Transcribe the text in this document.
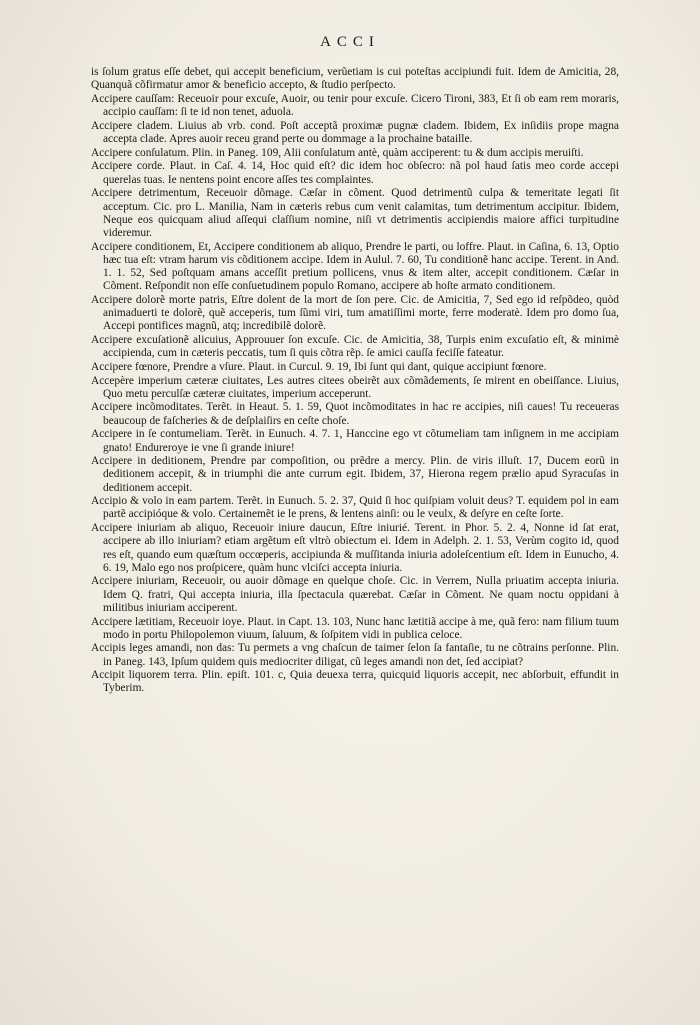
ACCI

is ſolum gratus eſſe debet, qui accepit beneficium, verũetiam is cui poteſtas accipiundi fuit. Idem de Amicitia, 28, Quanquã cõfirmatur amor & beneficio accepto, & ſtudio perſpecto.

Accipere cauſſam: Receuoir pour excuſe, Auoir, ou tenir pour excuſe. Cicero Tironi, 383, Et ſi ob eam rem moraris, accipio cauſſam: ſi te id non tenet, aduola.

Accipere cladem. Liuius ab vrb. cond. Poſt acceptã proximæ pugnæ cladem. Ibidem, Ex inſidiis prope magna accepta clade. Apres auoir receu grand perte ou dommage a la prochaine bataille.

Accipere conſulatum. Plin. in Paneg. 109, Alii conſulatum antè, quàm acciperent: tu & dum accipis meruiſti.

Accipere corde. Plaut. in Caſ. 4. 14, Hoc quid eſt? dic idem hoc obſecro: nã pol haud ſatis meo corde accepi querelas tuas. Ie nentens point encore aſſes tes complaintes.

Accipere detrimentum, Receuoir dõmage. Cæſar in cõment. Quod detrimentũ culpa & temeritate legati ſit acceptum. Cic. pro L. Manilia, Nam in cæteris rebus cum venit calamitas, tum detrimentum accipitur. Ibidem, Neque eos quicquam aliud aſſequi claſſium nomine, niſi vt detrimentis accipiendis maiore affici turpitudine videremur.

Accipere conditionem, Et, Accipere conditionem ab aliquo, Prendre le parti, ou loffre. Plaut. in Caſina, 6. 13, Optio hæc tua eſt: vtram harum vis cõditionem accipe. Idem in Aulul. 7. 60, Tu conditionẽ hanc accipe. Terent. in And. 1. 1. 52, Sed poſtquam amans acceſſit pretium pollicens, vnus & item alter, accepit conditionem. Cæſar in Cõment. Reſpondit non eſſe conſuetudinem populo Romano, accipere ab hoſte armato conditionem.

Accipere dolorẽ morte patris, Eſtre dolent de la mort de ſon pere. Cic. de Amicitia, 7, Sed ego id reſpõdeo, quòd animaduerti te dolorẽ, quẽ acceperis, tum ſũmi viri, tum amatiſſimi morte, ferre moderatè. Idem pro domo ſua, Accepi pontifices magnũ, atq; incredibilẽ dolorẽ.

Accipere excuſationẽ alicuius, Approuuer ſon excuſe. Cic. de Amicitia, 38, Turpis enim excuſatio eſt, & minimè accipienda, cum in cæteris peccatis, tum ſi quis cõtra rẽp. ſe amici cauſſa feciſſe fateatur.

Accipere fœnore, Prendre a vſure. Plaut. in Curcul. 9. 19, Ibi ſunt qui dant, quique accipiunt fœnore.

Accepère imperium cæteræ ciuitates, Les autres citees obeirẽt aux cõmãdements, ſe mirent en obeiſſance. Liuius, Quo metu perculſæ cæteræ ciuitates, imperium acceperunt.

Accipere incõmoditates. Terẽt. in Heaut. 5. 1. 59, Quot incõmoditates in hac re accipies, niſi caues! Tu receueras beaucoup de faſcheries & de deſplaiſirs en ceſte choſe.

Accipere in ſe contumeliam. Terẽt. in Eunuch. 4. 7. 1, Hanccine ego vt cõtumeliam tam inſignem in me accipiam gnato! Endureroye ie vne ſi grande iniure!

Accipere in deditionem, Prendre par compoſition, ou prẽdre a mercy. Plin. de viris illuſt. 17, Ducem eorũ in deditionem accepit, & in triumphi die ante currum egit. Ibidem, 37, Hierona regem prælio apud Syracuſas in deditionem accepit.

Accipio & volo in eam partem. Terẽt. in Eunuch. 5. 2. 37, Quid ſi hoc quiſpiam voluit deus? T. equidem pol in eam partẽ accipióque & volo. Certainemẽt ie le prens, & lentens ainſi: ou le veulx, & deſyre en ceſte ſorte.

Accipere iniuriam ab aliquo, Receuoir iniure daucun, Eſtre iniurié. Terent. in Phor. 5. 2. 4, Nonne id ſat erat, accipere ab illo iniuriam? etiam argẽtum eſt vltrò obiectum ei. Idem in Adelph. 2. 1. 53, Verùm cogito id, quod res eſt, quando eum quæſtum occœperis, accipiunda & muſſitanda iniuria adoleſcentium eſt. Idem in Eunucho, 4. 6. 19, Malo ego nos proſpicere, quàm hunc vlciſci accepta iniuria.

Accipere iniuriam, Receuoir, ou auoir dõmage en quelque choſe. Cic. in Verrem, Nulla priuatim accepta iniuria. Idem Q. fratri, Qui accepta iniuria, illa ſpectacula quærebat. Cæſar in Cõment. Ne quam noctu oppidani à militibus iniuriam acciperent.

Accipere lætitiam, Receuoir ioye. Plaut. in Capt. 13. 103, Nunc hanc lætitiã accipe à me, quã fero: nam filium tuum modo in portu Philopolemon viuum, ſaluum, & ſoſpitem vidi in publica celoce.

Accipis leges amandi, non das: Tu permets a vng chaſcun de taimer ſelon ſa fantaſie, tu ne cõtrains perſonne. Plin. in Paneg. 143, Ipſum quidem quis mediocriter diligat, cũ leges amandi non det, ſed accipiat?

Accipit liquorem terra. Plin. epiſt. 101. c, Quia deuexa terra, quicquid liquoris accepit, nec abſorbuit, effundit in Tyberim.
